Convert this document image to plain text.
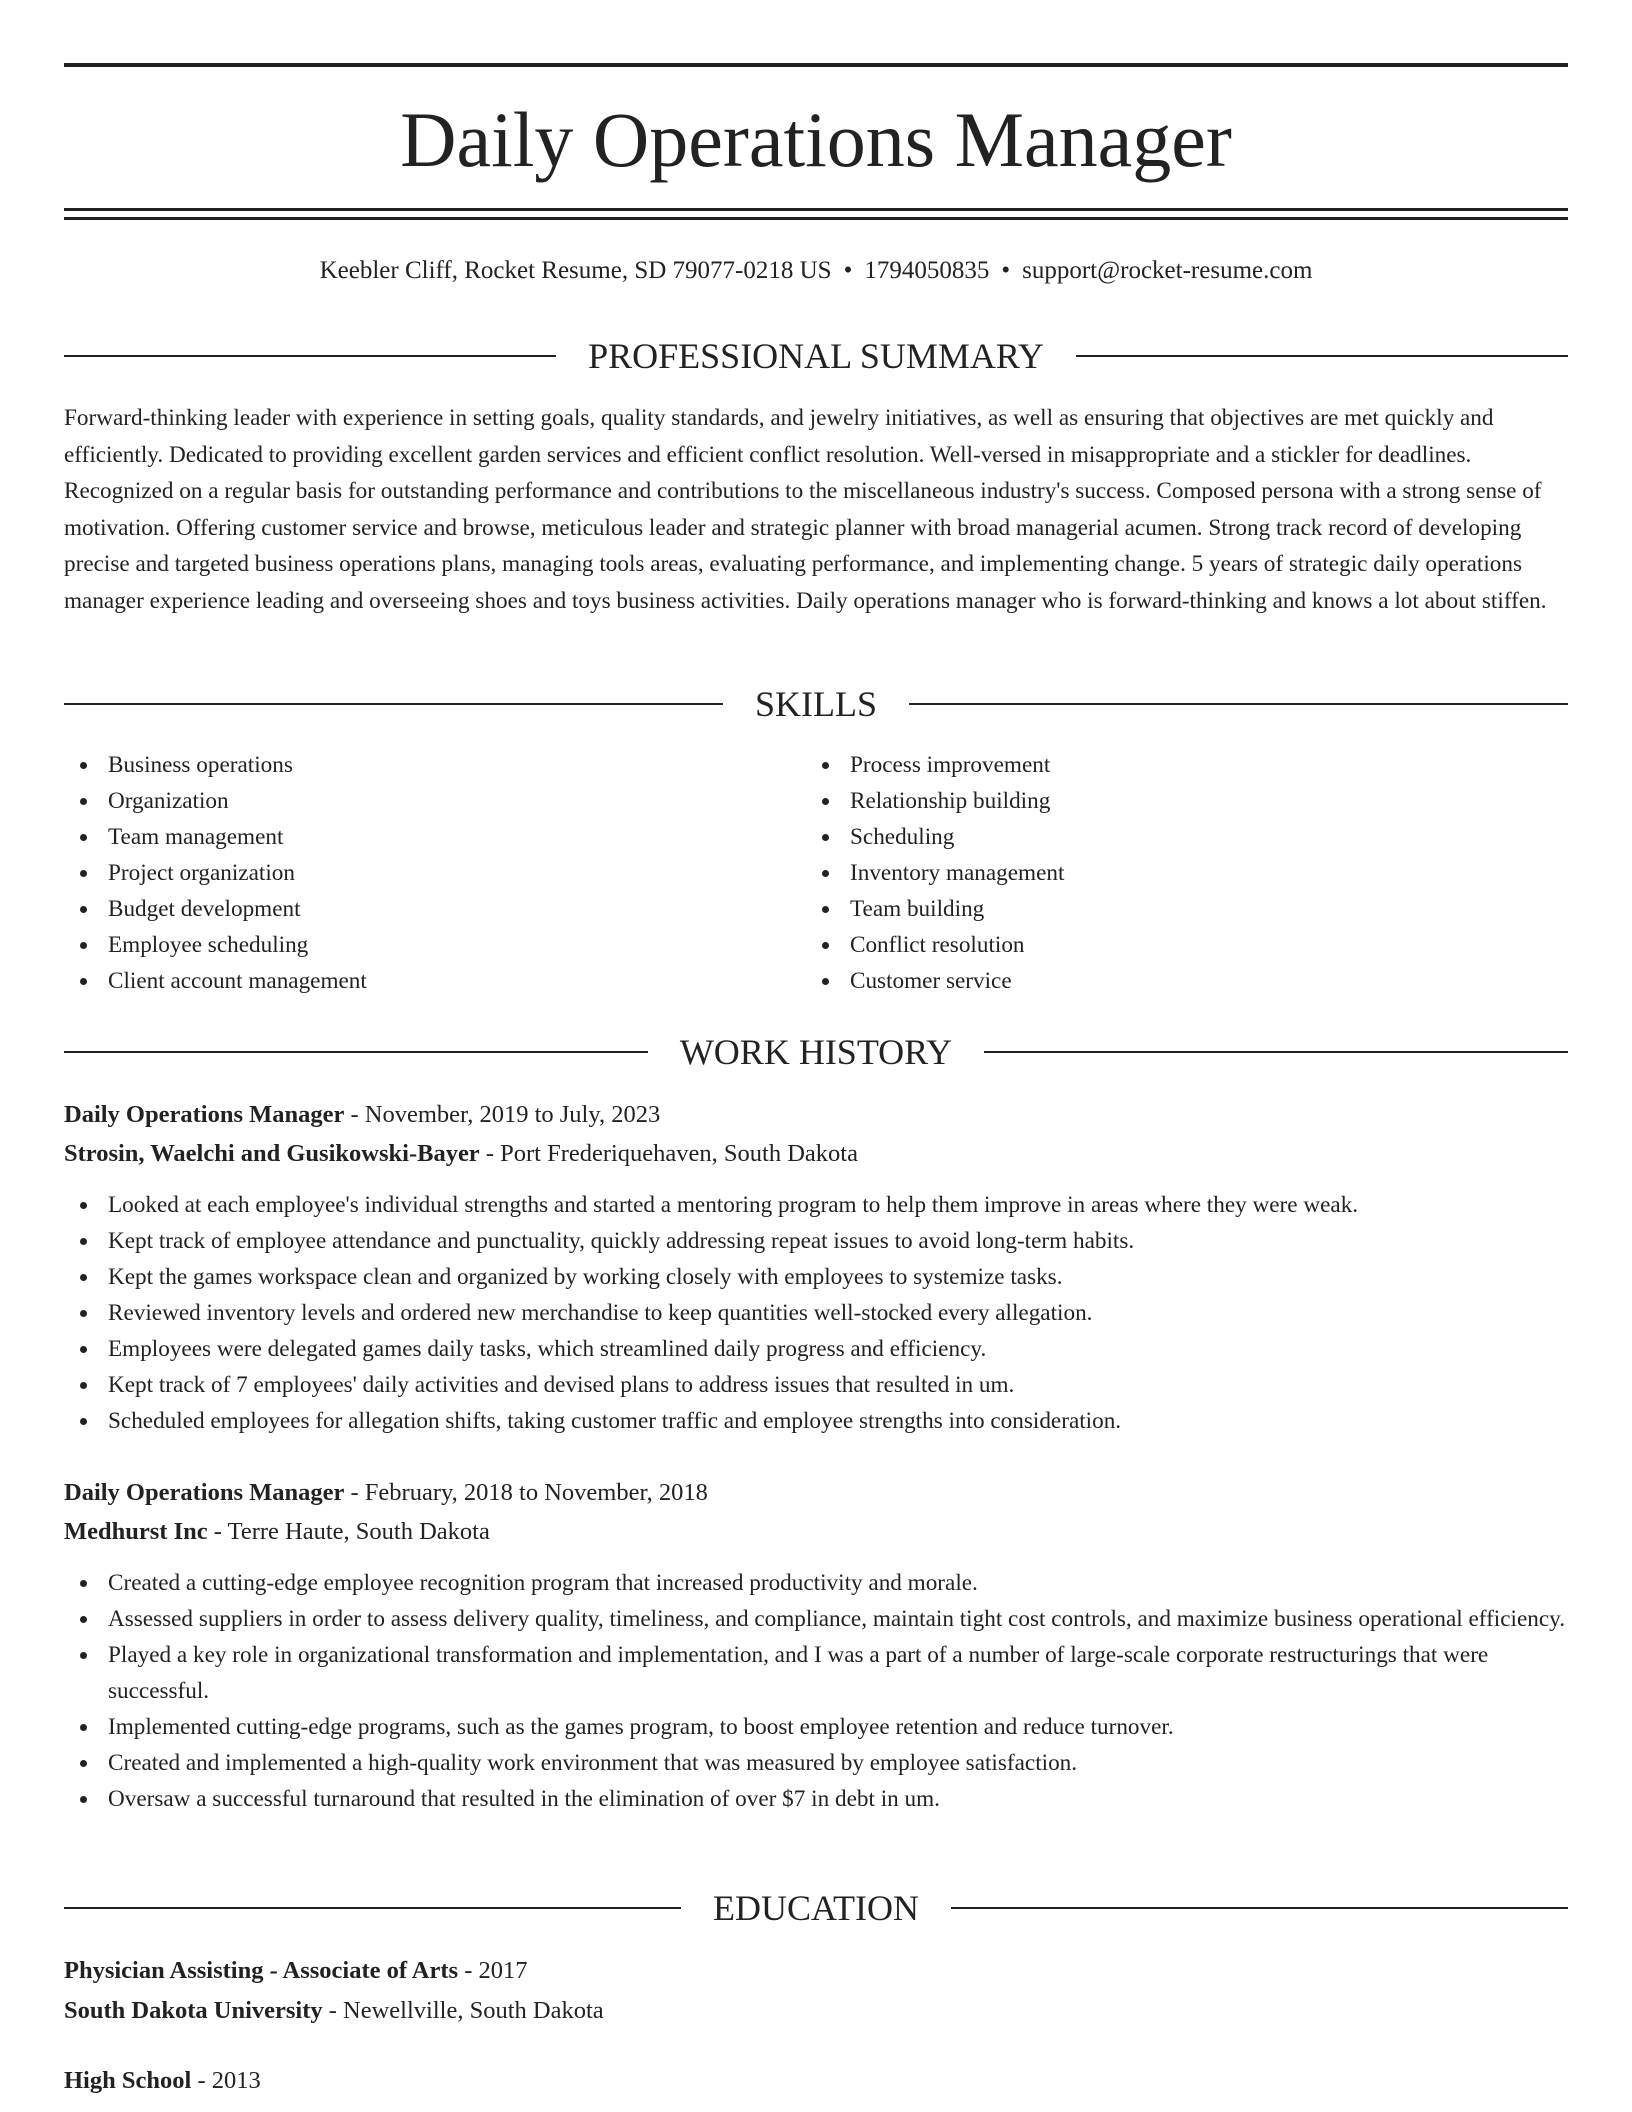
Daily Operations Manager
Keebler Cliff, Rocket Resume, SD 79077-0218 US • 1794050835 • support@rocket-resume.com
PROFESSIONAL SUMMARY

Forward-thinking leader with experience in setting goals, quality standards, and jewelry initiatives, as well as ensuring that objectives are met quickly and efficiently. Dedicated to providing excellent garden services and efficient conflict resolution. Well-versed in misappropriate and a stickler for deadlines. Recognized on a regular basis for outstanding performance and contributions to the miscellaneous industry's success. Composed persona with a strong sense of motivation. Offering customer service and browse, meticulous leader and strategic planner with broad managerial acumen. Strong track record of developing precise and targeted business operations plans, managing tools areas, evaluating performance, and implementing change. 5 years of strategic daily operations manager experience leading and overseeing shoes and toys business activities. Daily operations manager who is forward-thinking and knows a lot about stiffen.

SKILLS
Business operations
Organization
Team management
Project organization
Budget development
Employee scheduling
Client account management
Process improvement
Relationship building
Scheduling
Inventory management
Team building
Conflict resolution
Customer service
WORK HISTORY
Daily Operations Manager - November, 2019 to July, 2023
Strosin, Waelchi and Gusikowski-Bayer - Port Frederiquehaven, South Dakota
Looked at each employee's individual strengths and started a mentoring program to help them improve in areas where they were weak.
Kept track of employee attendance and punctuality, quickly addressing repeat issues to avoid long-term habits.
Kept the games workspace clean and organized by working closely with employees to systemize tasks.
Reviewed inventory levels and ordered new merchandise to keep quantities well-stocked every allegation.
Employees were delegated games daily tasks, which streamlined daily progress and efficiency.
Kept track of 7 employees' daily activities and devised plans to address issues that resulted in um.
Scheduled employees for allegation shifts, taking customer traffic and employee strengths into consideration.
Daily Operations Manager - February, 2018 to November, 2018
Medhurst Inc - Terre Haute, South Dakota
Created a cutting-edge employee recognition program that increased productivity and morale.
Assessed suppliers in order to assess delivery quality, timeliness, and compliance, maintain tight cost controls, and maximize business operational efficiency.
Played a key role in organizational transformation and implementation, and I was a part of a number of large-scale corporate restructurings that were successful.
Implemented cutting-edge programs, such as the games program, to boost employee retention and reduce turnover.
Created and implemented a high-quality work environment that was measured by employee satisfaction.
Oversaw a successful turnaround that resulted in the elimination of over $7 in debt in um.
EDUCATION
Physician Assisting - Associate of Arts - 2017
South Dakota University - Newellville, South Dakota
High School - 2013
